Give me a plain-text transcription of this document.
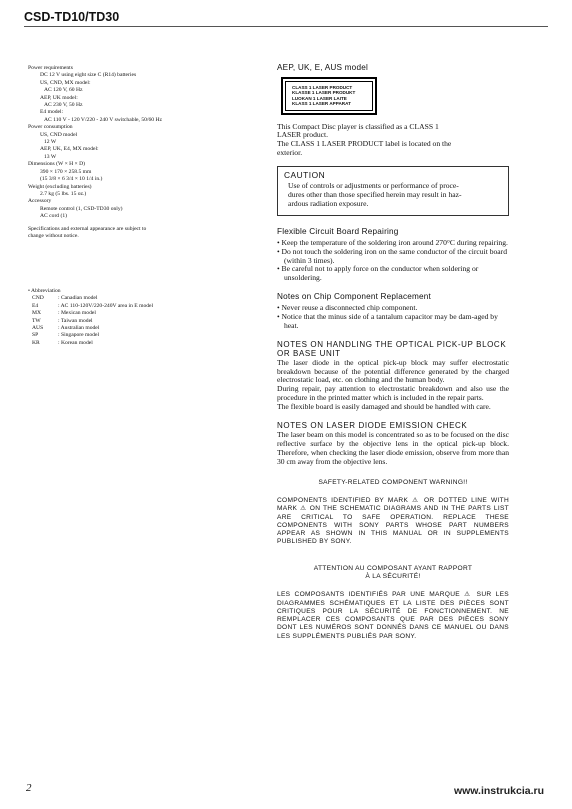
CSD-TD10/TD30
Power requirements
DC 12 V using eight size C (R14) batteries
US, CND, MX model:
AC 120 V, 60 Hz
AEP, UK model:
AC 230 V, 50 Hz
E4 model:
AC 110 V - 120 V/220 - 240 V switchable, 50/60 Hz
Power consumption
US, CND model
12 W
AEP, UK, E4, MX model:
13 W
Dimensions (W × H × D)
390 × 170 × 258.5 mm
(15 3/8 × 6 3/4 × 10 1/4 in.)
Weight (excluding batteries)
2.7 kg (5 lbs. 15 oz.)
Accessory
Remote control (1, CSD-TD30 only)
AC cord (1)
Specifications and external appearance are subject to
change without notice.
• Abbreviation
CND	: Canadian model
E4	: AC 110-120V/220-240V area in E model
MX	: Mexican model
TW	: Taiwan model
AUS	: Australian model
SP	: Singapore model
KR	: Korean model
AEP, UK, E, AUS model
CLASS 1 LASER PRODUCT
KLASSE 1 LASER PRODUKT
LUOKAN 1 LASER LAITE
KLASS 1 LASER APPARAT
This Compact Disc player is classified as a CLASS 1
LASER product.
The CLASS 1 LASER PRODUCT label is located on the
exterior.
CAUTION
Use of controls or adjustments or performance of proce-
dures other than those specified herein may result in haz-
ardous radiation exposure.
Flexible Circuit Board Repairing
• Keep the temperature of the soldering iron around 270°C during repairing.
• Do not touch the soldering iron on the same conductor of the circuit board (within 3 times).
• Be careful not to apply force on the conductor when soldering or unsoldering.
Notes on Chip Component Replacement
• Never reuse a disconnected chip component.
• Notice that the minus side of a tantalum capacitor may be dam-aged by heat.
NOTES ON HANDLING THE OPTICAL PICK-UP BLOCK OR BASE UNIT
The laser diode in the optical pick-up block may suffer electrostatic breakdown because of the potential difference generated by the charged electrostatic load, etc. on clothing and the human body.
During repair, pay attention to electrostatic breakdown and also use the procedure in the printed matter which is included in the repair parts.
The flexible board is easily damaged and should be handled with care.
NOTES ON LASER DIODE EMISSION CHECK
The laser beam on this model is concentrated so as to be focused on the disc reflective surface by the objective lens in the optical pick-up block. Therefore, when checking the laser diode emission, observe from more than 30 cm away from the objective lens.
SAFETY-RELATED COMPONENT WARNING!!
COMPONENTS IDENTIFIED BY MARK ⚠ OR DOTTED LINE WITH MARK ⚠ ON THE SCHEMATIC DIAGRAMS AND IN THE PARTS LIST ARE CRITICAL TO SAFE OPERATION. REPLACE THESE COMPONENTS WITH SONY PARTS WHOSE PART NUMBERS APPEAR AS SHOWN IN THIS MANUAL OR IN SUPPLEMENTS PUBLISHED BY SONY.
ATTENTION AU COMPOSANT AYANT RAPPORT
À LA SÉCURITÉ!
LES COMPOSANTS IDENTIFIÉS PAR UNE MARQUE ⚠ SUR LES DIAGRAMMES SCHÉMATIQUES ET LA LISTE DES PIÈCES SONT CRITIQUES POUR LA SÉCURITÉ DE FONCTIONNEMENT. NE REMPLACER CES COMPOSANTS QUE PAR DES PIÈCES SONY DONT LES NUMÉROS SONT DONNÉS DANS CE MANUEL OU DANS LES SUPPLÉMENTS PUBLIÉS PAR SONY.
2	www.instrukcia.ru
